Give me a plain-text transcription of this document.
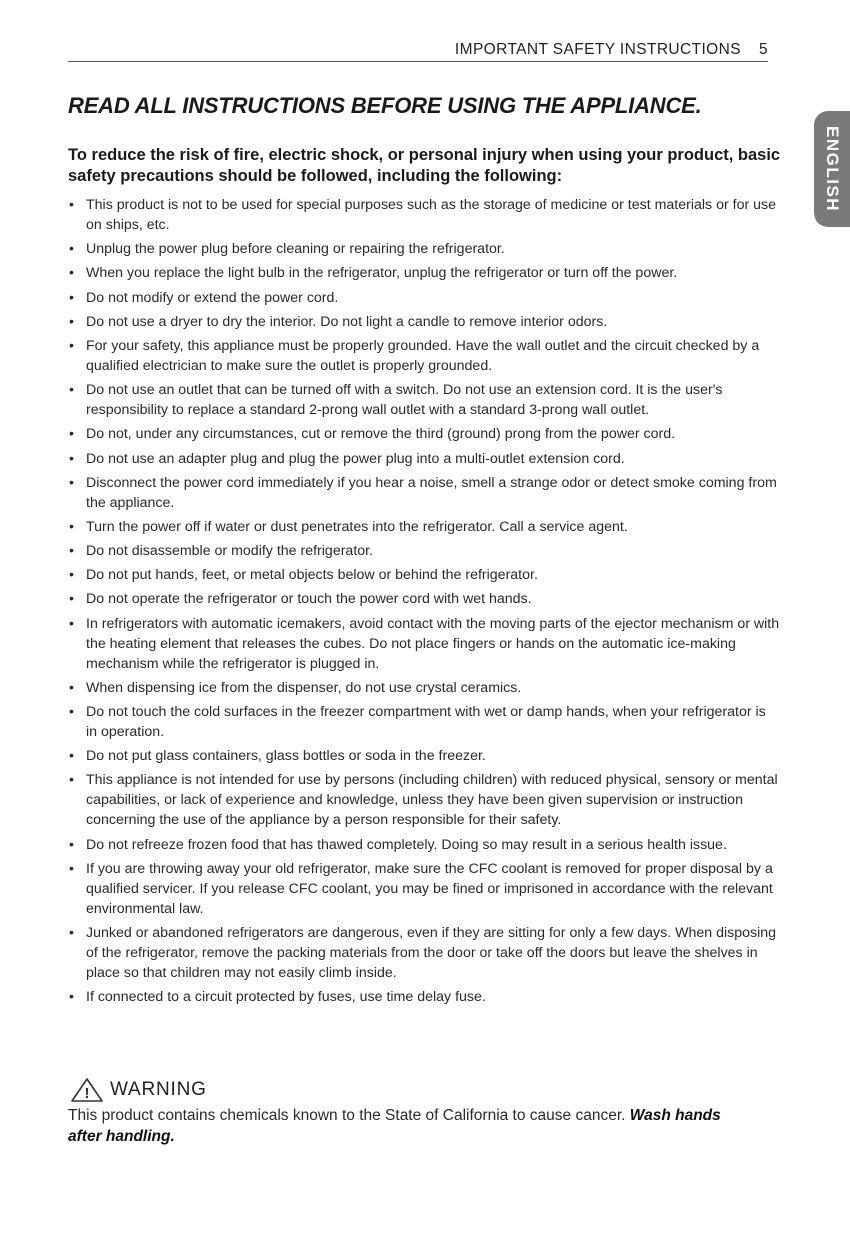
IMPORTANT SAFETY INSTRUCTIONS 5
ENGLISH
READ ALL INSTRUCTIONS BEFORE USING THE APPLIANCE.

To reduce the risk of fire, electric shock, or personal injury when using your product, basic safety precautions should be followed, including the following:

• This product is not to be used for special purposes such as the storage of medicine or test materials or for use on ships, etc.
• Unplug the power plug before cleaning or repairing the refrigerator.
• When you replace the light bulb in the refrigerator, unplug the refrigerator or turn off the power.
• Do not modify or extend the power cord.
• Do not use a dryer to dry the interior. Do not light a candle to remove interior odors.
• For your safety, this appliance must be properly grounded. Have the wall outlet and the circuit checked by a qualified electrician to make sure the outlet is properly grounded.
• Do not use an outlet that can be turned off with a switch. Do not use an extension cord. It is the user's responsibility to replace a standard 2-prong wall outlet with a standard 3-prong wall outlet.
• Do not, under any circumstances, cut or remove the third (ground) prong from the power cord.
• Do not use an adapter plug and plug the power plug into a multi-outlet extension cord.
• Disconnect the power cord immediately if you hear a noise, smell a strange odor or detect smoke coming from the appliance.
• Turn the power off if water or dust penetrates into the refrigerator. Call a service agent.
• Do not disassemble or modify the refrigerator.
• Do not put hands, feet, or metal objects below or behind the refrigerator.
• Do not operate the refrigerator or touch the power cord with wet hands.
• In refrigerators with automatic icemakers, avoid contact with the moving parts of the ejector mechanism or with the heating element that releases the cubes. Do not place fingers or hands on the automatic ice-making mechanism while the refrigerator is plugged in.
• When dispensing ice from the dispenser, do not use crystal ceramics.
• Do not touch the cold surfaces in the freezer compartment with wet or damp hands, when your refrigerator is in operation.
• Do not put glass containers, glass bottles or soda in the freezer.
• This appliance is not intended for use by persons (including children) with reduced physical, sensory or mental capabilities, or lack of experience and knowledge, unless they have been given supervision or instruction concerning the use of the appliance by a person responsible for their safety.
• Do not refreeze frozen food that has thawed completely. Doing so may result in a serious health issue.
• If you are throwing away your old refrigerator, make sure the CFC coolant is removed for proper disposal by a qualified servicer. If you release CFC coolant, you may be fined or imprisoned in accordance with the relevant environmental law.
• Junked or abandoned refrigerators are dangerous, even if they are sitting for only a few days. When disposing of the refrigerator, remove the packing materials from the door or take off the doors but leave the shelves in place so that children may not easily climb inside.
• If connected to a circuit protected by fuses, use time delay fuse.
! WARNING

This product contains chemicals known to the State of California to cause cancer. Wash hands after handling.
